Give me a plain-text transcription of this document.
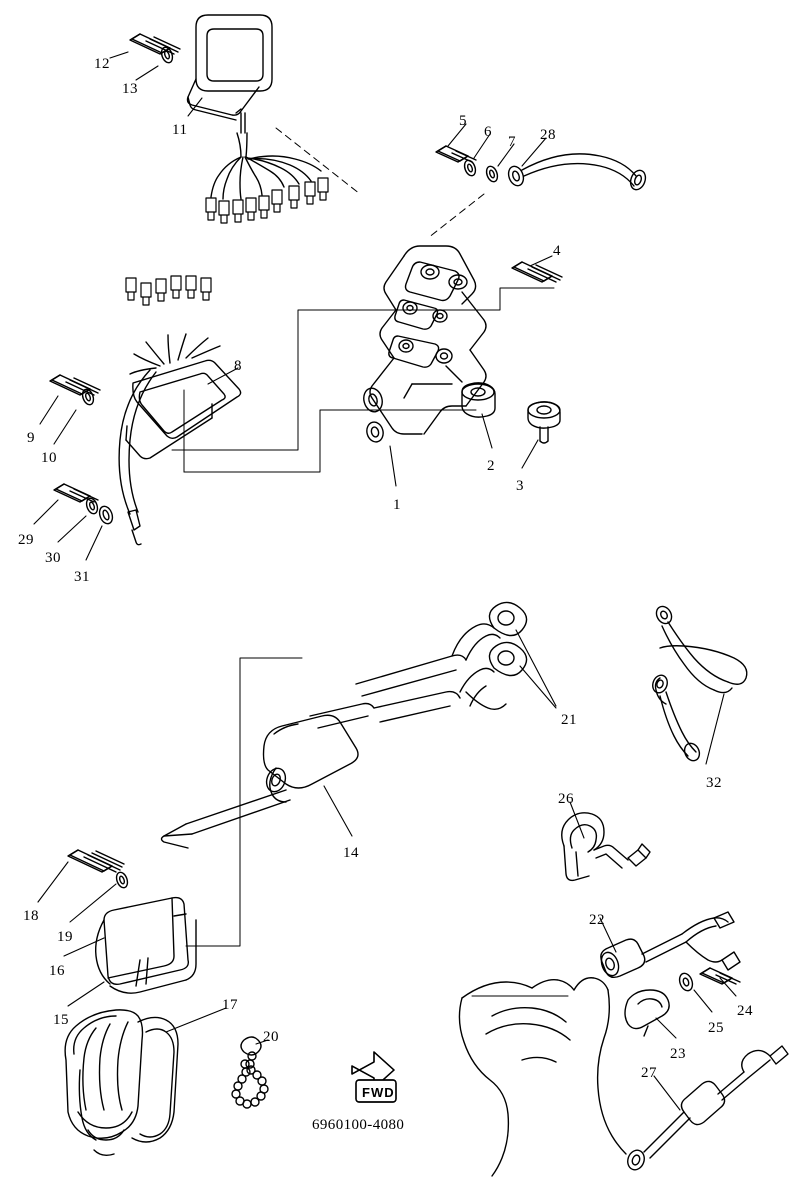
FWD
12
13
11
5
6
7 28
4
8
9
10	2
3
1
29
30
31
21
32
26
14
22
18
19
16
24
25
15
17
23
20
27
6960100-4080
